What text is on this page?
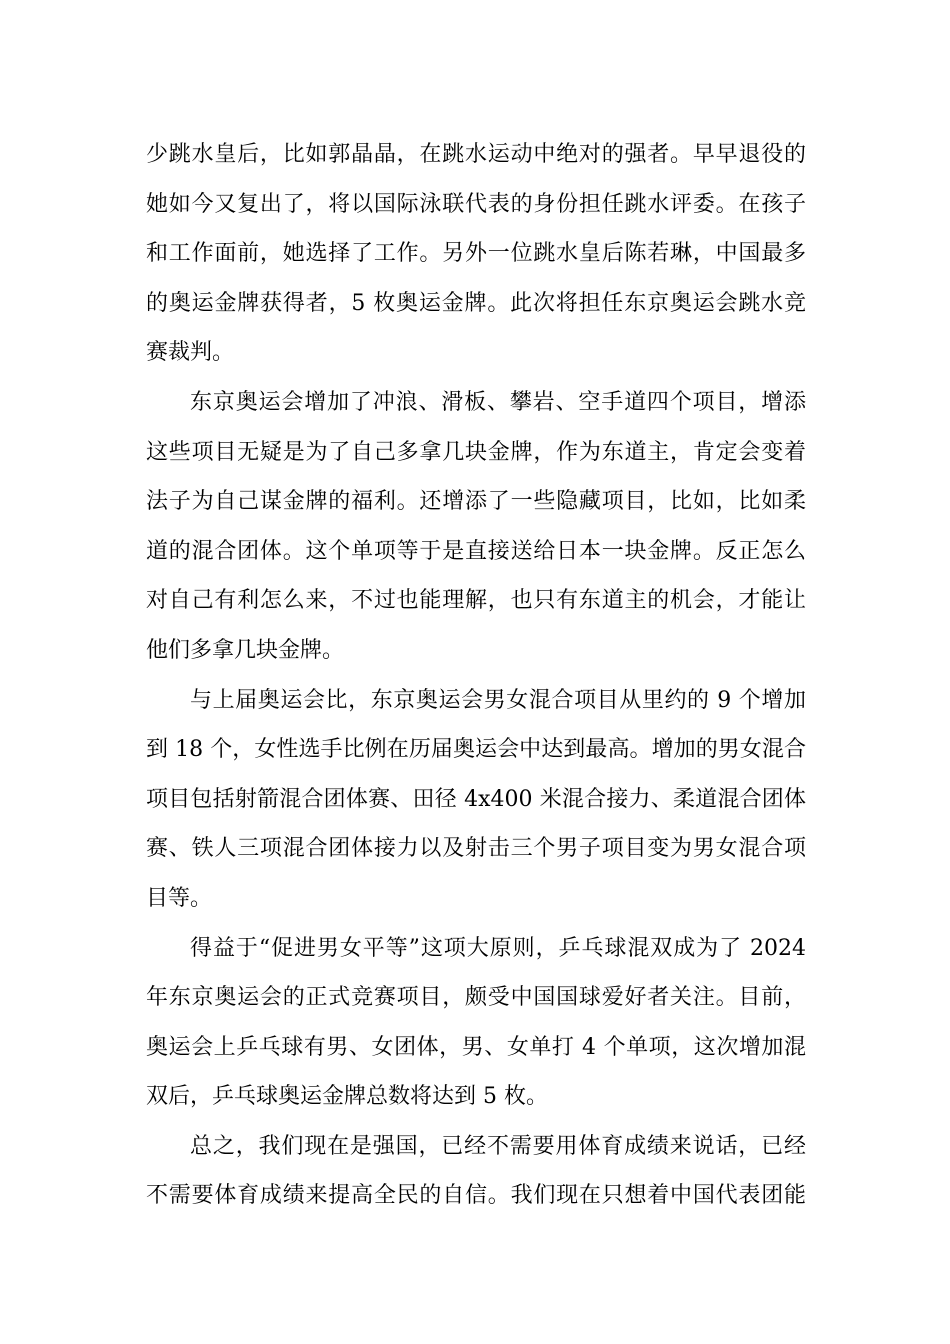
少跳水皇后，比如郭晶晶，在跳水运动中绝对的强者。早早退役的
她如今又复出了，将以国际泳联代表的身份担任跳水评委。在孩子
和工作面前，她选择了工作。另外一位跳水皇后陈若琳，中国最多
的奥运金牌获得者，5 枚奥运金牌。此次将担任东京奥运会跳水竞
赛裁判。
东京奥运会增加了冲浪、滑板、攀岩、空手道四个项目，增添
这些项目无疑是为了自己多拿几块金牌，作为东道主，肯定会变着
法子为自己谋金牌的福利。还增添了一些隐藏项目，比如，比如柔
道的混合团体。这个单项等于是直接送给日本一块金牌。反正怎么
对自己有利怎么来，不过也能理解，也只有东道主的机会，才能让
他们多拿几块金牌。
与上届奥运会比，东京奥运会男女混合项目从里约的 9 个增加
到 18 个，女性选手比例在历届奥运会中达到最高。增加的男女混合
项目包括射箭混合团体赛、田径 4x400 米混合接力、柔道混合团体
赛、铁人三项混合团体接力以及射击三个男子项目变为男女混合项
目等。
得益于“促进男女平等”这项大原则，乒乓球混双成为了 2024
年东京奥运会的正式竞赛项目，颇受中国国球爱好者关注。目前，
奥运会上乒乓球有男、女团体，男、女单打 4 个单项，这次增加混
双后，乒乓球奥运金牌总数将达到 5 枚。
总之，我们现在是强国，已经不需要用体育成绩来说话，已经
不需要体育成绩来提高全民的自信。我们现在只想着中国代表团能
